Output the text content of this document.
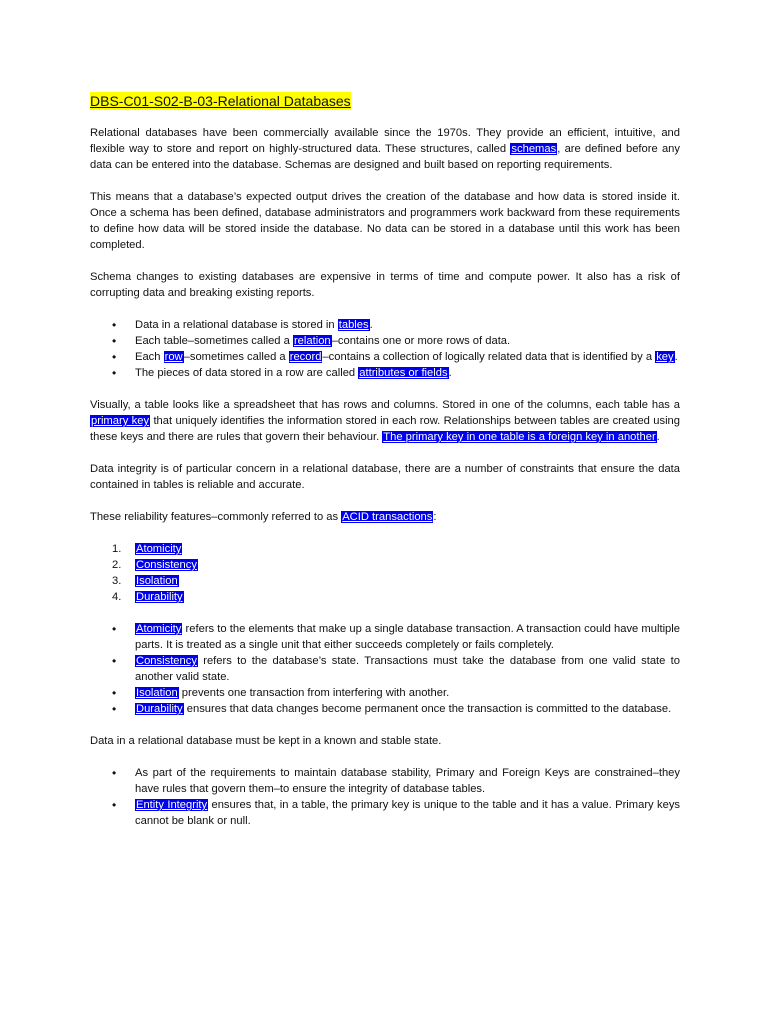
DBS-C01-S02-B-03-Relational Databases

Relational databases have been commercially available since the 1970s. They provide an efficient, intuitive, and flexible way to store and report on highly-structured data. These structures, called schemas, are defined before any data can be entered into the database. Schemas are designed and built based on reporting requirements.

This means that a database’s expected output drives the creation of the database and how data is stored inside it. Once a schema has been defined, database administrators and programmers work backward from these requirements to define how data will be stored inside the database. No data can be stored in a database until this work has been completed.

Schema changes to existing databases are expensive in terms of time and compute power. It also has a risk of corrupting data and breaking existing reports.

• Data in a relational database is stored in tables.
• Each table–sometimes called a relation–contains one or more rows of data.
• Each row–sometimes called a record–contains a collection of logically related data that is identified by a key.
• The pieces of data stored in a row are called attributes or fields.

Visually, a table looks like a spreadsheet that has rows and columns. Stored in one of the columns, each table has a primary key that uniquely identifies the information stored in each row. Relationships between tables are created using these keys and there are rules that govern their behaviour. The primary key in one table is a foreign key in another.

Data integrity is of particular concern in a relational database, there are a number of constraints that ensure the data contained in tables is reliable and accurate.

These reliability features–commonly referred to as ACID transactions:

1. Atomicity
2. Consistency
3. Isolation
4. Durability
• Atomicity refers to the elements that make up a single database transaction. A transaction could have multiple parts. It is treated as a single unit that either succeeds completely or fails completely.
• Consistency refers to the database’s state. Transactions must take the database from one valid state to another valid state.
• Isolation prevents one transaction from interfering with another.
• Durability ensures that data changes become permanent once the transaction is committed to the database.

Data in a relational database must be kept in a known and stable state.

• As part of the requirements to maintain database stability, Primary and Foreign Keys are constrained–they have rules that govern them–to ensure the integrity of database tables.
• Entity Integrity ensures that, in a table, the primary key is unique to the table and it has a value. Primary keys cannot be blank or null.
